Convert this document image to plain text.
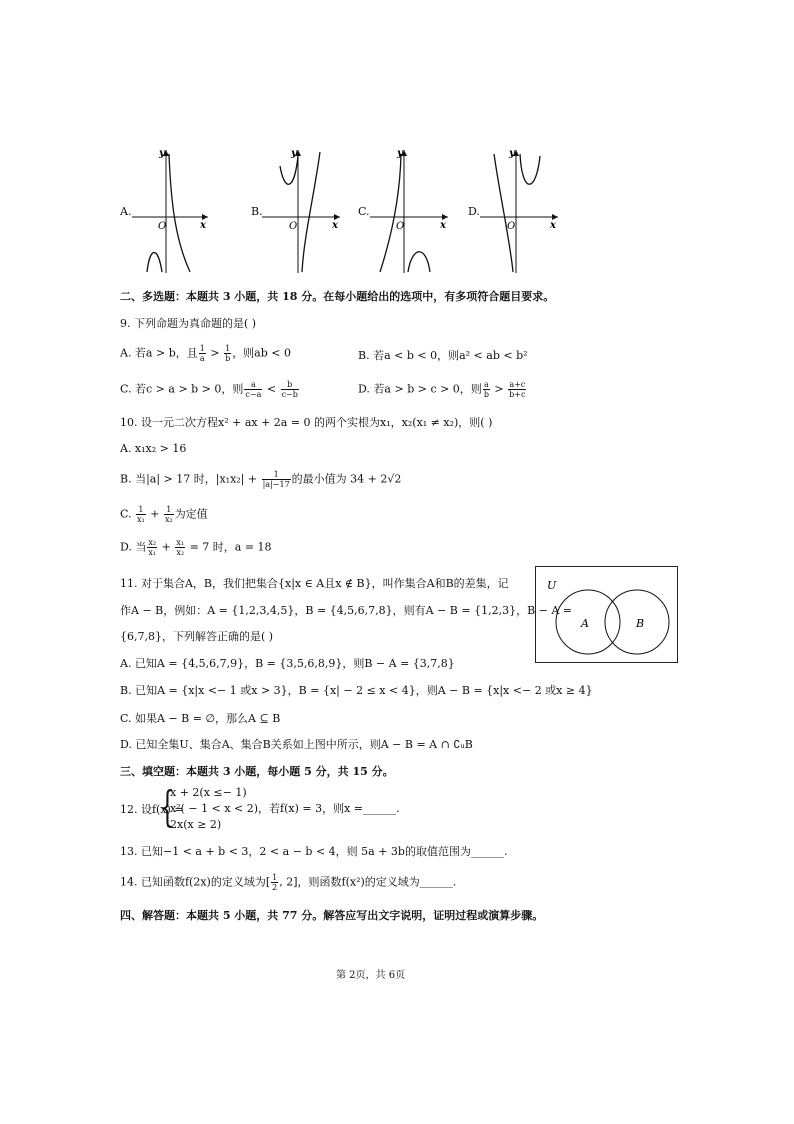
A.
y
x
O
B.
y
x
O
C.
y
x
O
D.
y
x
O
二、多选题：本题共 3 小题，共 18 分。在每小题给出的选项中，有多项符合题目要求。
9. 下列命题为真命题的是( )
A. 若a > b，且 $\frac{1}{a} > \frac{1}{b}$ ，则ab < 0	B. 若a < b < 0，则a² < ab < b²
C. 若c > a > b > 0，则 $\frac{a}{c-a} < \frac{b}{c-b}$	D. 若a > b > c > 0，则 $\frac{a}{b} > \frac{a+c}{b+c}$
10. 设一元二次方程x² + ax + 2a = 0 的两个实根为x₁，x₂(x₁ ≠ x₂)，则( )
A. x₁x₂ > 16
B. 当|a| > 17 时，$|x_1x_2| + \frac{1}{|a|-17}$ 的最小值为 34 + 2√2
C. $\frac{1}{\text{x₁}} + \frac{1}{\text{x₂}}$ 为定值
D. 当 $\frac{\text{x₂}}{\text{x₁}} + \frac{\text{x₁}}{\text{x₂}} = 7$ 时，a = 18
11. 对于集合A，B，我们把集合{x|x ∈ A且x ∉ B}，叫作集合A和B的差集，记
作A − B，例如：A = {1,2,3,4,5}，B = {4,5,6,7,8}，则有A − B = {1,2,3}，B − A =
{6,7,8}，下列解答正确的是( )
U
A	B
A. 已知A = {4,5,6,7,9}，B = {3,5,6,8,9}，则B − A = {3,7,8}
B. 已知A = {x|x <− 1 或x > 3}，B = {x| − 2 ≤ x < 4}，则A − B = {x|x <− 2 或x ≥ 4}
C. 如果A − B = ∅，那么A ⊆ B
D. 已知全集U、集合A、集合B关系如上图中所示，则A − B = A ∩ ∁ᵤB
三、填空题：本题共 3 小题，每小题 5 分，共 15 分。
12. 设f(x) =
{
x + 2(x ≤− 1)
x²( − 1 < x < 2)，若f(x) = 3，则x =______.
2x(x ≥ 2)
13. 已知−1 < a + b < 3，2 < a − b < 4，则 5a + 3b的取值范围为______.
14. 已知函数f(2x)的定义域为[ $\frac{1}{2}$ , 2]，则函数f(x²)的定义域为______.
四、解答题：本题共 5 小题，共 77 分。解答应写出文字说明，证明过程或演算步骤。
第 2页，共 6页
